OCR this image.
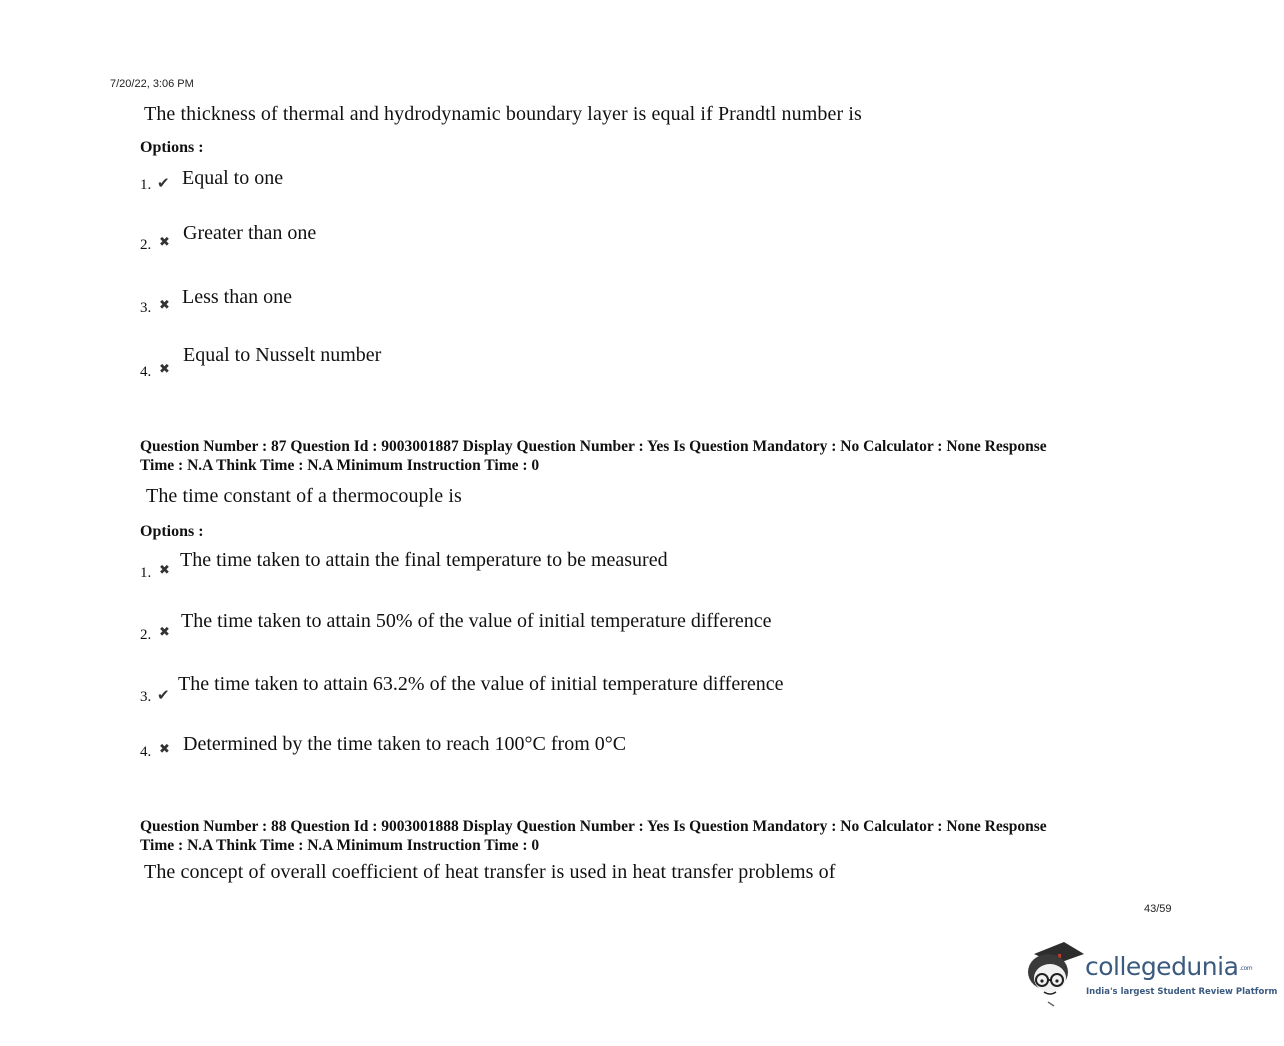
7/20/22, 3:06 PM
The thickness of thermal and hydrodynamic boundary layer is equal if Prandtl number is
Options :
1. ✔ Equal to one
2. ✖ Greater than one
3. ✖ Less than one
4. ✖
Equal to Nusselt number
Question Number : 87 Question Id : 9003001887 Display Question Number : Yes Is Question Mandatory : No Calculator : None Response
Time : N.A Think Time : N.A Minimum Instruction Time : 0
The time constant of a thermocouple is
Options :
1. ✖ The time taken to attain the final temperature to be measured
2. ✖ The time taken to attain 50% of the value of initial temperature difference
3. ✔
The time taken to attain 63.2% of the value of initial temperature difference
4. ✖ Determined by the time taken to reach 100°C from 0°C
Question Number : 88 Question Id : 9003001888 Display Question Number : Yes Is Question Mandatory : No Calculator : None Response
Time : N.A Think Time : N.A Minimum Instruction Time : 0
The concept of overall coefficient of heat transfer is used in heat transfer problems of
43/59
collegedunia.com
India's largest Student Review Platform
